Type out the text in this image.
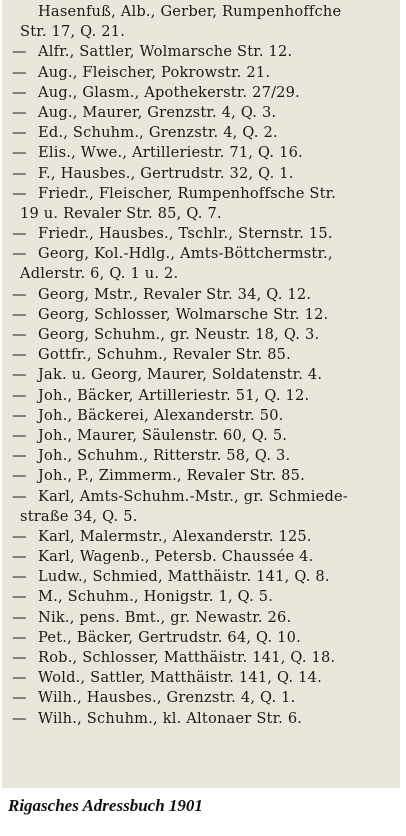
Hasenfuß, Alb., Gerber, Rumpenhoffche
Str. 17, Q. 21.
— Alfr., Sattler, Wolmarsche Str. 12.
— Aug., Fleischer, Pokrowstr. 21.
— Aug., Glasm., Apothekerstr. 27/29.
— Aug., Maurer, Grenzstr. 4, Q. 3.
— Ed., Schuhm., Grenzstr. 4, Q. 2.
— Elis., Wwe., Artilleriestr. 71, Q. 16.
— F., Hausbes., Gertrudstr. 32, Q. 1.
— Friedr., Fleischer, Rumpenhoffsche Str.
19 u. Revaler Str. 85, Q. 7.
— Friedr., Hausbes., Tschlr., Sternstr. 15.
— Georg, Kol.-Hdlg., Amts-Böttchermstr.,
Adlerstr. 6, Q. 1 u. 2.
— Georg, Mstr., Revaler Str. 34, Q. 12.
— Georg, Schlosser, Wolmarsche Str. 12.
— Georg, Schuhm., gr. Neustr. 18, Q. 3.
— Gottfr., Schuhm., Revaler Str. 85.
— Jak. u. Georg, Maurer, Soldatenstr. 4.
— Joh., Bäcker, Artilleriestr. 51, Q. 12.
— Joh., Bäckerei, Alexanderstr. 50.
— Joh., Maurer, Säulenstr. 60, Q. 5.
— Joh., Schuhm., Ritterstr. 58, Q. 3.
— Joh., P., Zimmerm., Revaler Str. 85.
— Karl, Amts-Schuhm.-Mstr., gr. Schmiede-
straße 34, Q. 5.
— Karl, Malermstr., Alexanderstr. 125.
— Karl, Wagenb., Petersb. Chaussée 4.
— Ludw., Schmied, Matthäistr. 141, Q. 8.
— M., Schuhm., Honigstr. 1, Q. 5.
— Nik., pens. Bmt., gr. Newastr. 26.
— Pet., Bäcker, Gertrudstr. 64, Q. 10.
— Rob., Schlosser, Matthäistr. 141, Q. 18.
— Wold., Sattler, Matthäistr. 141, Q. 14.
— Wilh., Hausbes., Grenzstr. 4, Q. 1.
— Wilh., Schuhm., kl. Altonaer Str. 6.
Rigasches Adressbuch 1901
